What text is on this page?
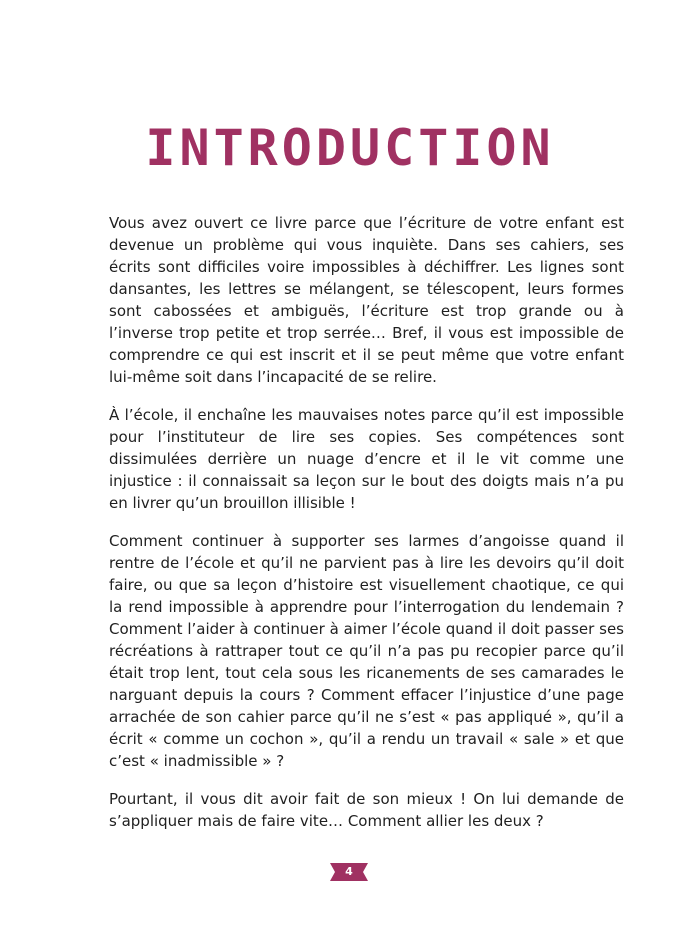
INTRODUCTION

Vous avez ouvert ce livre parce que l’écriture de votre enfant est devenue un problème qui vous inquiète. Dans ses cahiers, ses écrits sont difficiles voire impossibles à déchiffrer. Les lignes sont dansantes, les lettres se mélangent, se télescopent, leurs formes sont cabossées et ambiguës, l’écriture est trop grande ou à l’inverse trop petite et trop serrée… Bref, il vous est impossible de comprendre ce qui est inscrit et il se peut même que votre enfant lui-même soit dans l’incapacité de se relire.

À l’école, il enchaîne les mauvaises notes parce qu’il est impossible pour l’instituteur de lire ses copies. Ses compétences sont dissimulées derrière un nuage d’encre et il le vit comme une injustice : il connaissait sa leçon sur le bout des doigts mais n’a pu en livrer qu’un brouillon illisible !

Comment continuer à supporter ses larmes d’angoisse quand il rentre de l’école et qu’il ne parvient pas à lire les devoirs qu’il doit faire, ou que sa leçon d’histoire est visuellement chaotique, ce qui la rend impossible à apprendre pour l’interrogation du lendemain ? Comment l’aider à continuer à aimer l’école quand il doit passer ses récréations à rattraper tout ce qu’il n’a pas pu recopier parce qu’il était trop lent, tout cela sous les ricanements de ses camarades le narguant depuis la cours ? Comment effacer l’injustice d’une page arrachée de son cahier parce qu’il ne s’est « pas appliqué », qu’il a écrit « comme un cochon », qu’il a rendu un travail « sale » et que c’est « inadmissible » ?

Pourtant, il vous dit avoir fait de son mieux ! On lui demande de s’appliquer mais de faire vite… Comment allier les deux ?

4
